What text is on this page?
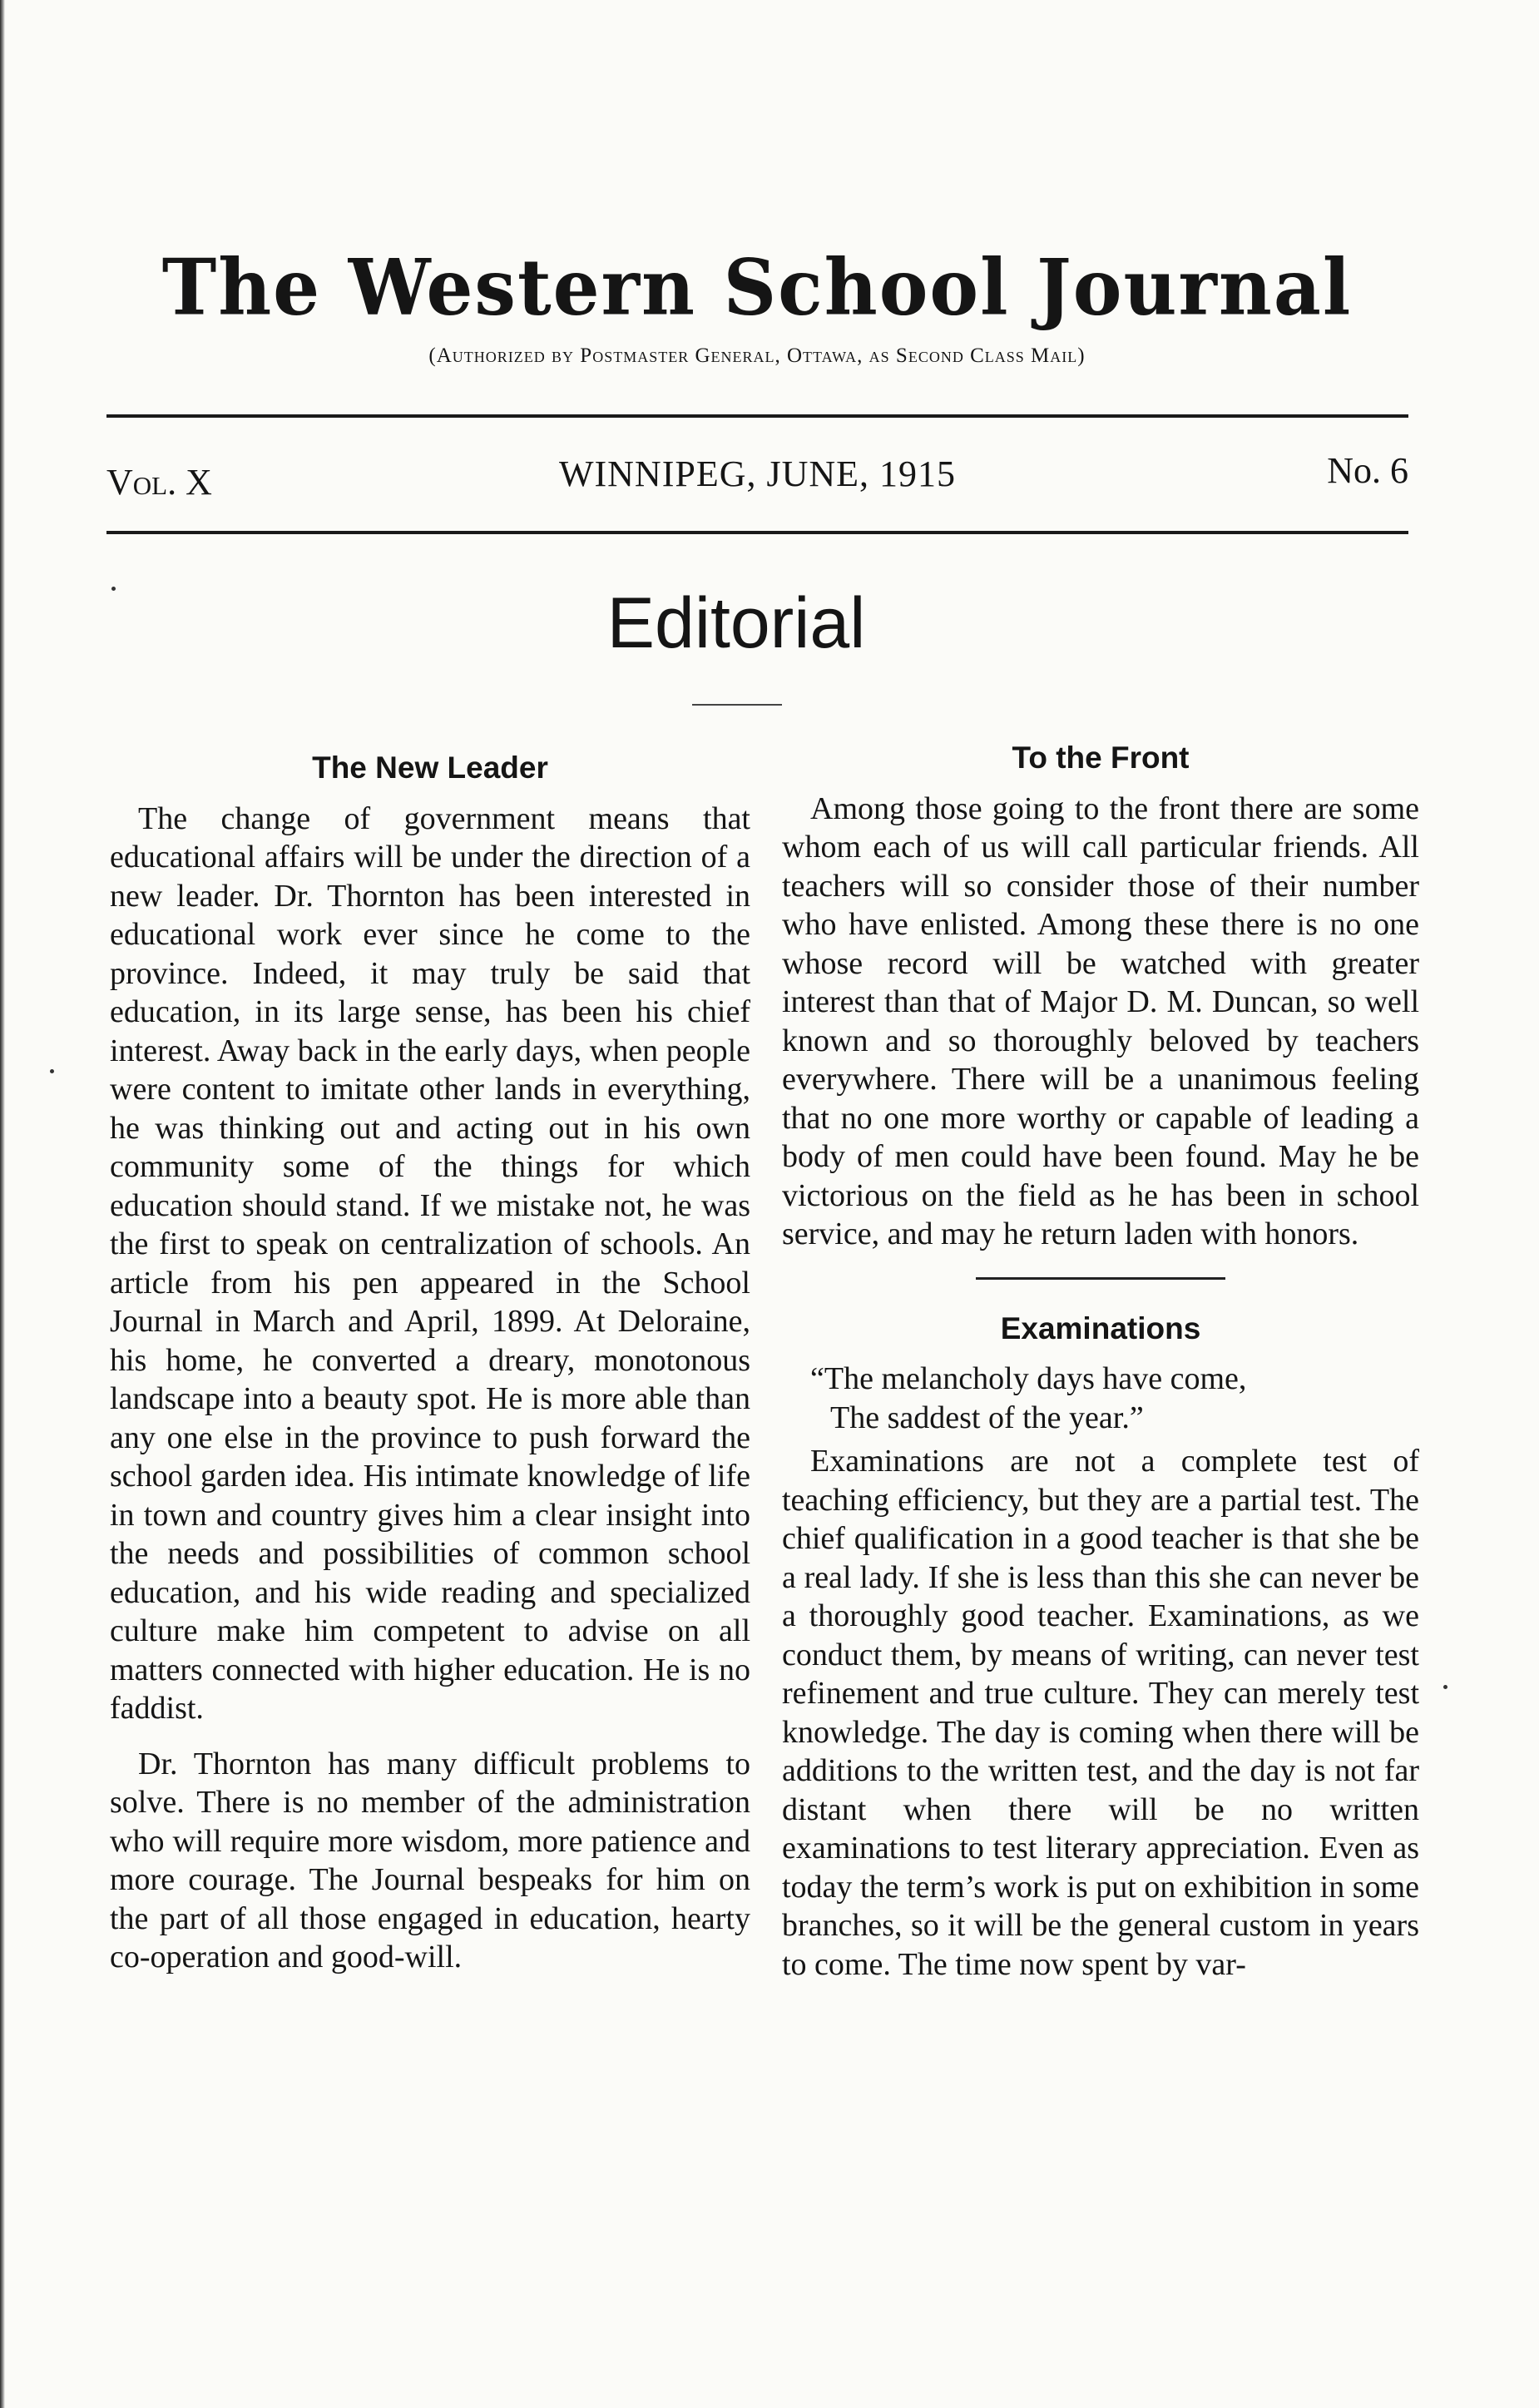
The Western School Journal
(Authorized by Postmaster General, Ottawa, as Second Class Mail)
Vol. X	WINNIPEG, JUNE, 1915	No. 6
Editorial
The New Leader

The change of government means that educational affairs will be under the direction of a new leader. Dr. Thornton has been interested in educational work ever since he come to the province. Indeed, it may truly be said that education, in its large sense, has been his chief interest. Away back in the early days, when people were content to imitate other lands in everything, he was thinking out and acting out in his own community some of the things for which education should stand. If we mistake not, he was the first to speak on centralization of schools. An article from his pen appeared in the School Journal in March and April, 1899. At Deloraine, his home, he converted a dreary, monotonous landscape into a beauty spot. He is more able than any one else in the province to push forward the school garden idea. His intimate knowledge of life in town and country gives him a clear insight into the needs and possibilities of common school education, and his wide reading and specialized culture make him competent to advise on all matters connected with higher education. He is no faddist.

Dr. Thornton has many difficult problems to solve. There is no member of the administration who will require more wisdom, more patience and more courage. The Journal bespeaks for him on the part of all those engaged in education, hearty co-operation and good-will.

To the Front

Among those going to the front there are some whom each of us will call particular friends. All teachers will so consider those of their number who have enlisted. Among these there is no one whose record will be watched with greater interest than that of Major D. M. Duncan, so well known and so thoroughly beloved by teachers everywhere. There will be a unanimous feeling that no one more worthy or capable of leading a body of men could have been found. May he be victorious on the field as he has been in school service, and may he return laden with honors.

Examinations
“The melancholy days have come,
The saddest of the year.”

Examinations are not a complete test of teaching efficiency, but they are a partial test. The chief qualification in a good teacher is that she be a real lady. If she is less than this she can never be a thoroughly good teacher. Examinations, as we conduct them, by means of writing, can never test refinement and true culture. They can merely test knowledge. The day is coming when there will be additions to the written test, and the day is not far distant when there will be no written examinations to test literary appreciation. Even as today the term’s work is put on exhibition in some branches, so it will be the general custom in years to come. The time now spent by var-
